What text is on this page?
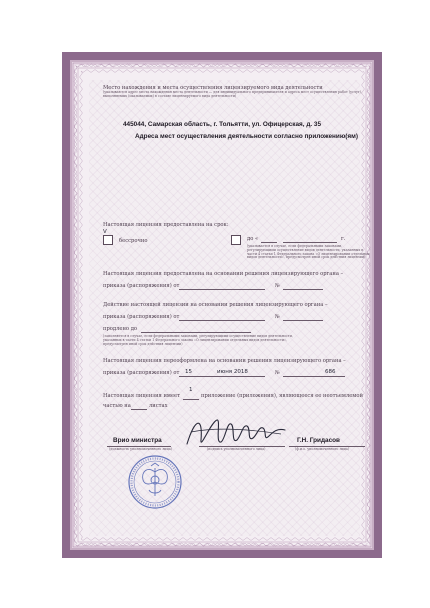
Место нахождения и места осуществления лицензируемого вида деятельности
(указываются адрес места нахождения места деятельности — для индивидуального предпринимателя и адреса мест осуществления работ (услуг), выполняемых (оказываемых) в составе лицензируемого вида деятельности)
445044, Самарская область, г. Тольятти, ул. Офицерская, д. 35
Адреса мест осуществления деятельности согласно приложению(ям)
Настоящая лицензия предоставлена на срок:
V
бессрочно	до «	г.
(указывается в случае, если федеральными законами, регулирующими осуществление видов деятельности, указанных в части 4 статьи 1 Федерального закона «О лицензировании отдельных видов деятельности», предусмотрен иной срок действия лицензии)
Настоящая лицензия предоставлена на основании решения лицензирующего органа –
приказа (распоряжения) от	№
Действие настоящей лицензии на основании решения лицензирующего органа –
приказа (распоряжения) от	№
продлено до
(заполняется в случае, если федеральными законами, регулирующими осуществление видов деятельности, указанных в части 4 статьи 1 Федерального закона «О лицензировании отдельных видов деятельности», предусмотрен иной срок действия лицензии)
Настоящая лицензия переоформлена на основании решения лицензирующего органа –
приказа (распоряжения) от 15	июня 2018	№	686
Настоящая лицензия имеет
1
приложение (приложения), являющееся ее неотъемлемой
частью на	листах
Врио министра
(должность уполномоченного лица)	(подпись уполномоченного лица)
Г.Н. Гридасов
(ф.и.о. уполномоченного лица)
